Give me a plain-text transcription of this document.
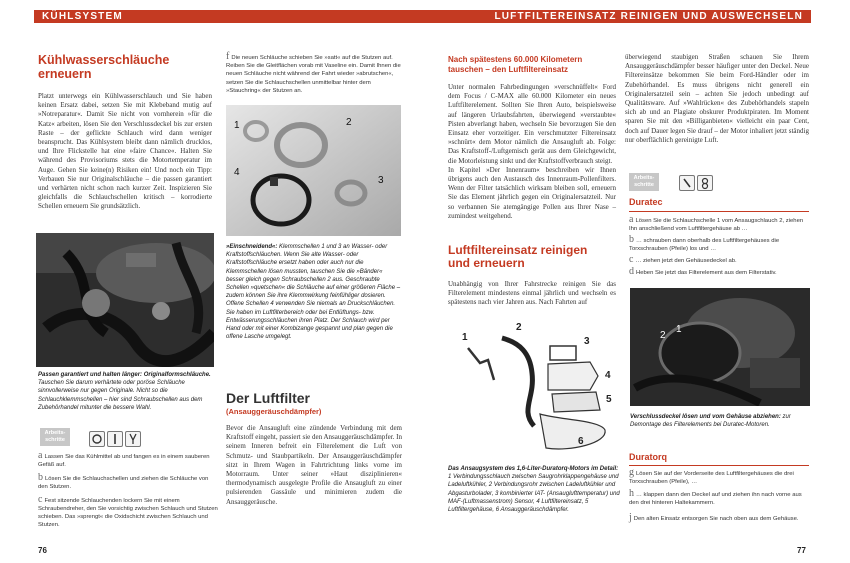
KÜHLSYSTEM
Kühlwasserschläuche
erneuern
Platzt unterwegs ein Kühlwasserschlauch und Sie haben keinen Ersatz dabei, setzen Sie mit Klebeband mutig auf »Notreparatur«. Damit Sie nicht von vornherein »für die Katz« arbeiten, lösen Sie den Verschlussdeckel bis zur ersten Raste – der geflickte Schlauch wird dann weniger beansprucht. Das Kühlsystem bleibt dann nämlich drucklos, und Ihre Flickstelle hat eine »faire Chance«. Halten Sie während des Provisoriums stets die Motortemperatur im Auge. Gehen Sie keine(n) Risiken ein! Und noch ein Tipp: Verbauen Sie nur Originalschläuche – die passen garantiert und verhärten nicht schon nach kurzer Zeit. Inspizieren Sie gleichfalls die Schlauchschellen kritisch – korrodierte Schellen erneuern Sie grundsätzlich.
Passen garantiert und halten länger: Originalformschläuche. Tauschen Sie darum verhärtete oder poröse Schläuche sinnvollerweise nur gegen Originale. Nicht so die Schlauchklemmschellen – hier sind Schraubschellen aus dem Zubehörhandel mitunter die bessere Wahl.
Arbeits-
schritte
a Lassen Sie das Kühlmittel ab und fangen es in einem sauberen Gefäß auf.
b Lösen Sie die Schlauchschellen und ziehen die Schläuche von den Stutzen.
c Fest sitzende Schlauchenden lockern Sie mit einem Schraubendreher, den Sie vorsichtig zwischen Schlauch und Stutzen schieben. Das »sprengt« die Oxidschicht zwischen Schlauch und Stutzen.
f Die neuen Schläuche schieben Sie »satt« auf die Stutzen auf. Reiben Sie die Gleitflächen vorab mit Vaseline ein. Damit Ihnen die neuen Schläuche nicht während der Fahrt wieder »abrutschen«, setzen Sie die Schlauchschellen unmittelbar hinter dem »Stauchring« der Stutzen an.
1	2
3
4
»Einschneidend«: Klemmschellen 1 und 3 an Wasser- oder Kraftstoffschläuchen. Wenn Sie alte Wasser- oder Kraftstoffschläuche ersetzt haben oder auch nur die Klemmschellen lösen mussten, tauschen Sie die »Bänder« besser gleich gegen Schraubschellen 2 aus. Geschraubte Schellen »quetschen« die Schläuche auf einer größeren Fläche – zudem können Sie ihre Klemmwirkung feinfühliger dosieren. Offene Schellen 4 verwenden Sie niemals an Druckschläuchen. Sie haben im Luftfilterbereich oder bei Entlüftungs- bzw. Entwässerungsschläuchen ihren Platz. Der Schlauch wird per Hand oder mit einer Kombizange gespannt und plan gegen die offene Lasche umgelegt.
Der Luftfilter
(Ansauggeräuschdämpfer)
Bevor die Ansaugluft eine zündende Verbindung mit dem Kraftstoff eingeht, passiert sie den Ansauggeräuschdämpfer. In seinem Inneren befreit ein Filterelement die Luft von Schmutz- und Staubpartikeln. Der Ansauggeräuschdämpfer sitzt in Ihrem Wagen in Fahrtrichtung links vorne im Motorraum. Unter seiner »Haut disziplinieren« thermodynamisch ausgelegte Profile die Ansaugluft zu einer pulsierenden Gassäule und minimieren zudem die Ansauggeräusche.
76
LUFTFILTEREINSATZ REINIGEN UND AUSWECHSELN
Nach spätestens 60.000 Kilometern
tauschen – den Luftfiltereinsatz
Unter normalen Fahrbedingungen »verschnüffelt« Ford dem Focus / C-MAX alle 60.000 Kilometer ein neues Luftfilterelement. Sollten Sie Ihren Auto, beispielsweise auf längeren Urlaubsfahrten, überwiegend »verstaubte« Pisten abverlangt haben, wechseln Sie bevorzugen Sie den Einsatz eher vorzeitiger. Ein verschmutzter Filtereinsatz »schnürt« dem Motor nämlich die Ansaugluft ab. Folge: Das Kraftstoff-/Luftgemisch gerät aus dem Gleichgewicht, die Motorleistung sinkt und der Kraftstoffverbrauch steigt.
In Kapitel »Der Innenraum« beschreiben wir Ihnen übrigens auch den Austausch des Innenraum-Pollenfilters. Wenn der Filter tatsächlich wirksam bleiben soll, erneuern Sie das Element jährlich gegen ein Originalersatzteil. Nur so verbannen Sie atemgängige Pollen aus Ihrer Nase – zumindest weitgehend.
Luftfiltereinsatz reinigen
und erneuern
Unabhängig von Ihrer Fahrstrecke reinigen Sie das Filterelement mindestens einmal jährlich und wechseln es spätestens nach vier Jahren aus. Nach Fahrten auf
1
2
3
4
5
6
Das Ansaugsystem des 1,6-Liter-Duratorq-Motors im Detail: 1 Verbindungsschlauch zwischen Saugrohrklappengehäuse und Ladeluftkühler, 2 Verbindungsrohr zwischen Ladeluftkühler und Abgasturbolader, 3 kombinierter IAT- (Ansauglufttemperatur) und MAF-(Luftmassenstrom) Sensor, 4 Luftfiltereinsatz, 5 Luftfiltergehäuse, 6 Ansauggeräuschdämpfer.
überwiegend staubigen Straßen schauen Sie Ihrem Ansauggeräuschdämpfer besser häufiger unter den Deckel. Neue Filtereinsätze bekommen Sie beim Ford-Händler oder im Zubehörhandel. Es muss übrigens nicht generell ein Originalersatzteil sein – achten Sie jedoch unbedingt auf Qualitätsware. Auf »Wahlrücken« des Zubehörhandels stapeln sich ab und an Plagiate obskurer Produktpiraten. Im Moment sparen Sie mit den »Billiganbieten« vielleicht ein paar Cent, doch auf Dauer legen Sie drauf – der Motor inhaliert jetzt ständig nur oberflächlich gereinigte Luft.
Arbeits-
schritte
Duratec
a Lösen Sie die Schlauchschelle 1 vom Ansaugschlauch 2, ziehen Ihn anschließend vom Luftfiltergehäuse ab …
b … schrauben dann oberhalb des Luftfiltergehäuses die Torxschrauben (Pfeile) los und …
c … ziehen jetzt den Gehäusedeckel ab.
d Heben Sie jetzt das Filterelement aus dem Filterstativ.
2
1
Verschlussdeckel lösen und vom Gehäuse abziehen: zur Demontage des Filterelements bei Duratec-Motoren.
Duratorq
g Lösen Sie auf der Vorderseite des Luftfiltergehäuses die drei Torxschrauben (Pfeile), …
h … klappen dann den Deckel auf und ziehen ihn nach vorne aus den drei hinteren Haltekammern.
j Den alten Einsatz entsorgen Sie nach oben aus dem Gehäuse.
77
